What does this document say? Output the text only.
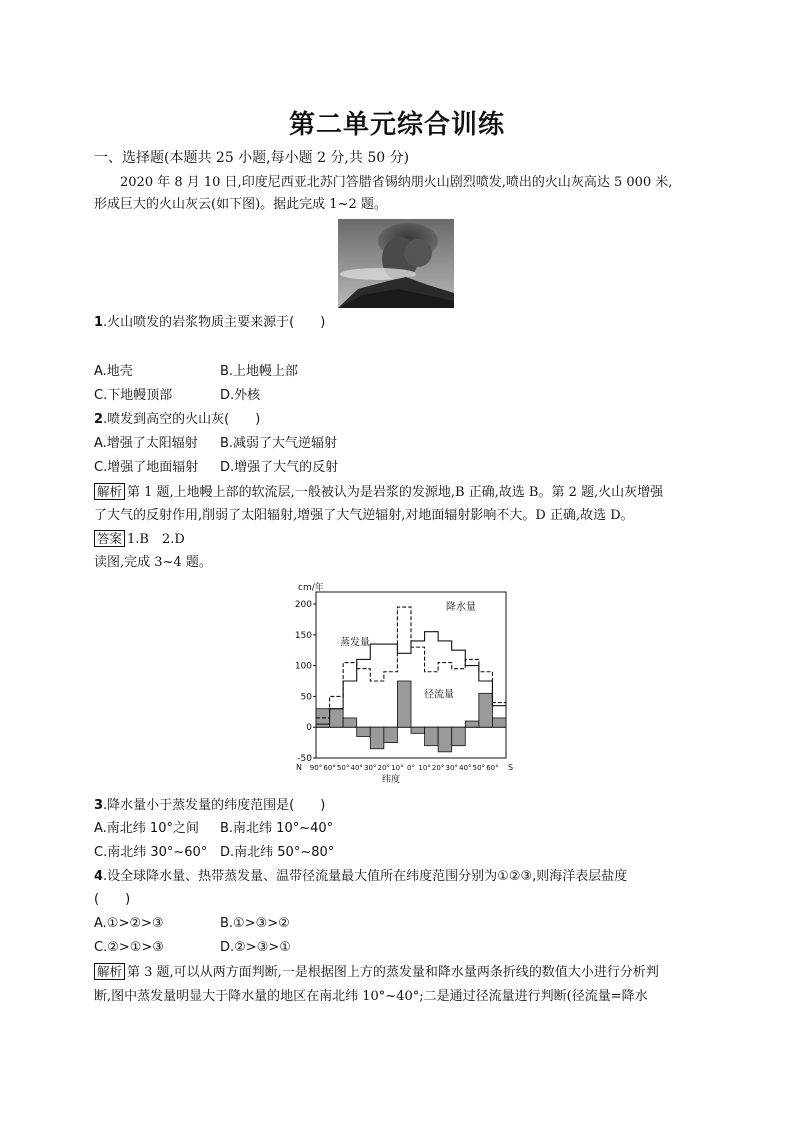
第二单元综合训练
一、选择题(本题共 25 小题,每小题 2 分,共 50 分)
2020 年 8 月 10 日,印度尼西亚北苏门答腊省锡纳朋火山剧烈喷发,喷出的火山灰高达 5 000 米,
形成巨大的火山灰云(如下图)。据此完成 1~2 题。
1.火山喷发的岩浆物质主要来源于(　　)
A.地壳	B.上地幔上部
C.下地幔顶部	D.外核
2.喷发到高空的火山灰(　　)
A.增强了太阳辐射 B.减弱了大气逆辐射
C.增强了地面辐射 D.增强了大气的反射
解析 第 1 题,上地幔上部的软流层,一般被认为是岩浆的发源地,B 正确,故选 B。第 2 题,火山灰增强
了大气的反射作用,削弱了太阳辐射,增强了大气逆辐射,对地面辐射影响不大。D 正确,故选 D。
答案 1.B　2.D
读图,完成 3~4 题。
200
150
100
50
0
-50
cm/年
降水量
蒸发量
径流量
N 90° 60° 50° 40° 30° 20° 10° 0° 10° 20° 30° 40° 50° 60° S
纬度
3.降水量小于蒸发量的纬度范围是(　　)
A.南北纬 10°之间 B.南北纬 10°~40°
C.南北纬 30°~60° D.南北纬 50°~80°
4.设全球降水量、热带蒸发量、温带径流量最大值所在纬度范围分别为①②③,则海洋表层盐度
(　　)
A.①>②>③	B.①>③>②
C.②>①>③	D.②>③>①
解析 第 3 题,可以从两方面判断,一是根据图上方的蒸发量和降水量两条折线的数值大小进行分析判
断,图中蒸发量明显大于降水量的地区在南北纬 10°~40°;二是通过径流量进行判断(径流量=降水
